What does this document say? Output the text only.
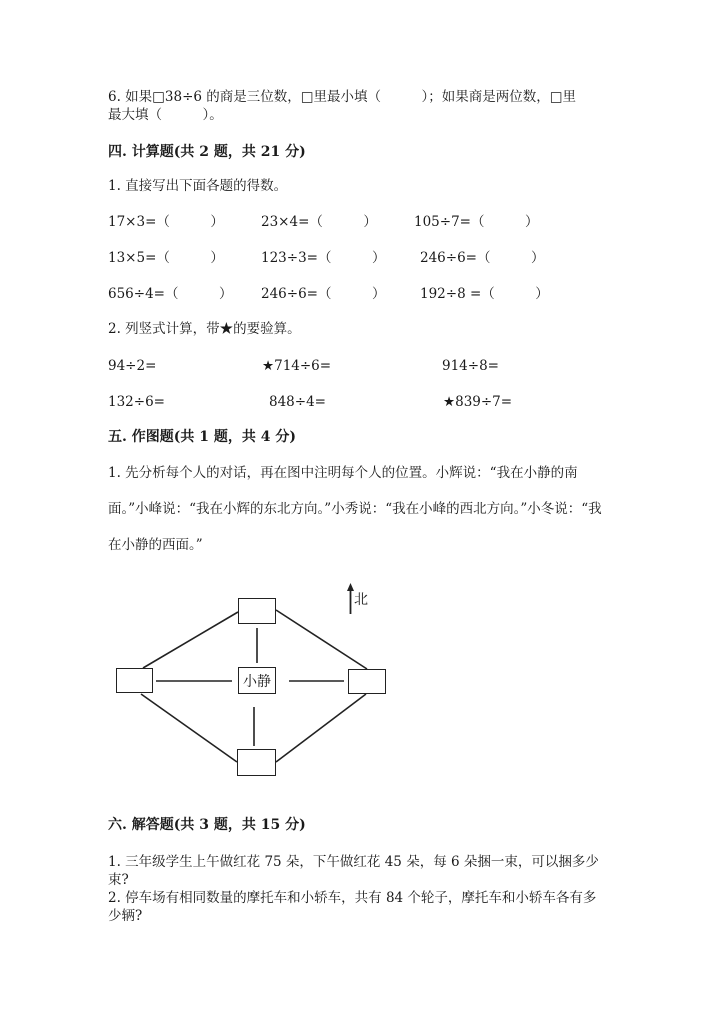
6. 如果□38÷6 的商是三位数，□里最小填（　　　）；如果商是两位数，□里
最大填（　　　）。
四. 计算题(共 2 题，共 21 分)
1. 直接写出下面各题的得数。
17×3=（　　　）	23×4=（　　　）	105÷7=（　　　）
13×5=（　　　）	123÷3=（　　　）	246÷6=（　　　）
656÷4=（　　　） 246÷6=（　　　）	192÷8 =（　　　）
2. 列竖式计算，带★的要验算。
94÷2=	★714÷6=	914÷8=
132÷6=	848÷4=	★839÷7=
五. 作图题(共 1 题，共 4 分)
1. 先分析每个人的对话，再在图中注明每个人的位置。小辉说：“我在小静的南面。”小峰说：“我在小辉的东北方向。”小秀说：“我在小峰的西北方向。”小冬说：“我在小静的西面。”
小静
北
六. 解答题(共 3 题，共 15 分)
1. 三年级学生上午做红花 75 朵，下午做红花 45 朵，每 6 朵捆一束，可以捆多少束?
2. 停车场有相同数量的摩托车和小轿车，共有 84 个轮子，摩托车和小轿车各有多少辆?
